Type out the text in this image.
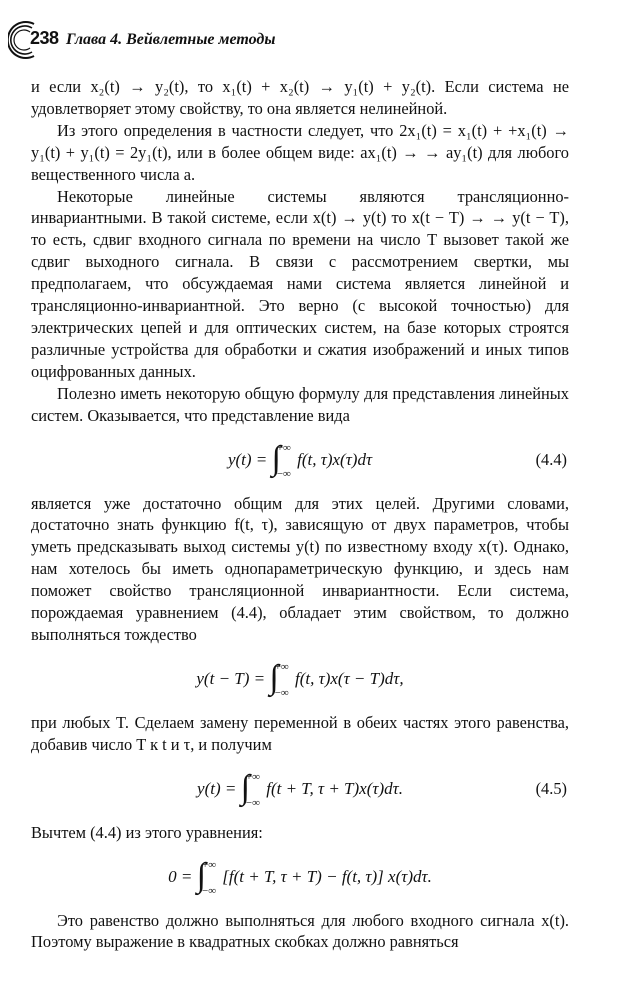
238 Глава 4. Вейвлетные методы

и если x₂(t) → y₂(t), то x₁(t) + x₂(t) → y₁(t) + y₂(t). Если система не удовлетворяет этому свойству, то она является нелинейной.

Из этого определения в частности следует, что 2x₁(t) = x₁(t) + +x₁(t) → y₁(t) + y₁(t) = 2y₁(t), или в более общем виде: ax₁(t) → → ay₁(t) для любого вещественного числа a.

Некоторые линейные системы являются трансляционно-инвариантными. В такой системе, если x(t) → y(t) то x(t − T) → → y(t − T), то есть, сдвиг входного сигнала по времени на число T вызовет такой же сдвиг выходного сигнала. В связи с рассмотрением свертки, мы предполагаем, что обсуждаемая нами система является линейной и трансляционно-инвариантной. Это верно (с высокой точностью) для электрических цепей и для оптических систем, на базе которых строятся различные устройства для обработки и сжатия изображений и иных типов оцифрованных данных.

Полезно иметь некоторую общую формулу для представления линейных систем. Оказывается, что представление вида

y(t) = ∫
+∞
−∞
f(t, τ)x(τ)dτ	(4.4)

является уже достаточно общим для этих целей. Другими словами, достаточно знать функцию f(t, τ), зависящую от двух параметров, чтобы уметь предсказывать выход системы y(t) по известному входу x(τ). Однако, нам хотелось бы иметь однопараметрическую функцию, и здесь нам поможет свойство трансляционной инвариантности. Если система, порождаемая уравнением (4.4), обладает этим свойством, то должно выполняться тождество

y(t − T) = ∫
+∞
−∞
f(t, τ)x(τ − T)dτ,

при любых T. Сделаем замену переменной в обеих частях этого равенства, добавив число T к t и τ, и получим

y(t) = ∫
+∞
−∞
f(t + T, τ + T)x(τ)dτ.	(4.5)

Вычтем (4.4) из этого уравнения:

0 = ∫
+∞
−∞
[f(t + T, τ + T) − f(t, τ)] x(τ)dτ.

Это равенство должно выполняться для любого входного сигнала x(t). Поэтому выражение в квадратных скобках должно равняться
